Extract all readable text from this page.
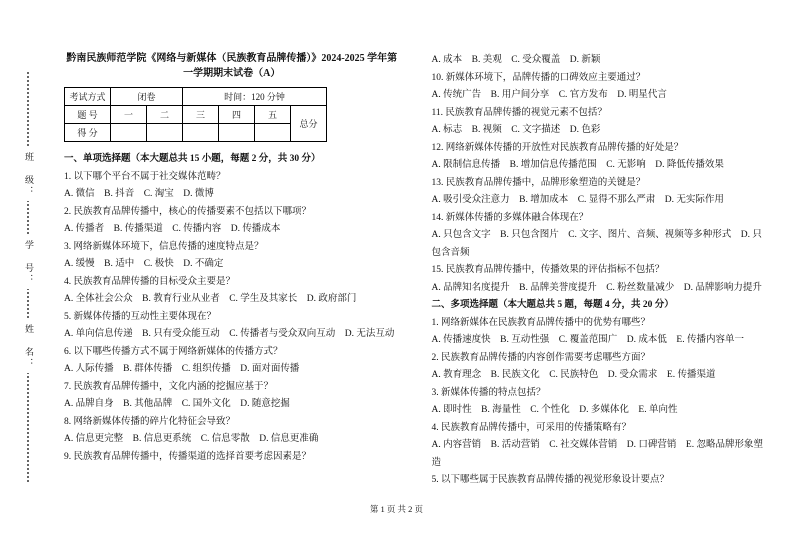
班 级：
学 号：
姓 名：
黔南民族师范学院《网络与新媒体（民族教育品牌传播）》2024-2025 学年第一学期期末试卷（A）
考试方式	闭卷		时间：120 分钟			
题 号	一	二	三	四	五	总分
得 分						
一、单项选择题（本大题总共 15 小题，每题 2 分，共 30 分）
1. 以下哪个平台不属于社交媒体范畴？
A. 微信　B. 抖音　C. 淘宝　D. 微博
2. 民族教育品牌传播中，核心的传播要素不包括以下哪项？
A. 传播者　B. 传播渠道　C. 传播内容　D. 传播成本
3. 网络新媒体环境下，信息传播的速度特点是？
A. 缓慢　B. 适中　C. 极快　D. 不确定
4. 民族教育品牌传播的目标受众主要是？
A. 全体社会公众　B. 教育行业从业者　C. 学生及其家长　D. 政府部门
5. 新媒体传播的互动性主要体现在？
A. 单向信息传递　B. 只有受众能互动　C. 传播者与受众双向互动　D. 无法互动
6. 以下哪些传播方式不属于网络新媒体的传播方式？
A. 人际传播　B. 群体传播　C. 组织传播　D. 面对面传播
7. 民族教育品牌传播中，文化内涵的挖掘应基于？
A. 品牌自身　B. 其他品牌　C. 国外文化　D. 随意挖掘
8. 网络新媒体传播的碎片化特征会导致？
A. 信息更完整　B. 信息更系统　C. 信息零散　D. 信息更准确
9. 民族教育品牌传播中，传播渠道的选择首要考虑因素是？
A. 成本　B. 美观　C. 受众覆盖　D. 新颖
10. 新媒体环境下，品牌传播的口碑效应主要通过？
A. 传统广告　B. 用户间分享　C. 官方发布　D. 明星代言
11. 民族教育品牌传播的视觉元素不包括？
A. 标志　B. 视频　C. 文字描述　D. 色彩
12. 网络新媒体传播的开放性对民族教育品牌传播的好处是？
A. 限制信息传播　B. 增加信息传播范围　C. 无影响　D. 降低传播效果
13. 民族教育品牌传播中，品牌形象塑造的关键是？
A. 吸引受众注意力　B. 增加成本　C. 显得不那么严肃　D. 无实际作用
14. 新媒体传播的多媒体融合体现在？
A. 只包含文字　B. 只包含图片　C. 文字、图片、音频、视频等多种形式　D. 只包含音频
15. 民族教育品牌传播中，传播效果的评估指标不包括？
A. 品牌知名度提升　B. 品牌美誉度提升　C. 粉丝数量减少　D. 品牌影响力提升
二、多项选择题（本大题总共 5 题，每题 4 分，共 20 分）
1. 网络新媒体在民族教育品牌传播中的优势有哪些？
A. 传播速度快　B. 互动性强　C. 覆盖范围广　D. 成本低　E. 传播内容单一
2. 民族教育品牌传播的内容创作需要考虑哪些方面？
A. 教育理念　B. 民族文化　C. 民族特色　D. 受众需求　E. 传播渠道
3. 新媒体传播的特点包括？
A. 即时性　B. 海量性　C. 个性化　D. 多媒体化　E. 单向性
4. 民族教育品牌传播中，可采用的传播策略有？
A. 内容营销　B. 活动营销　C. 社交媒体营销　D. 口碑营销　E. 忽略品牌形象塑造
5. 以下哪些属于民族教育品牌传播的视觉形象设计要点？
第 1 页 共 2 页
